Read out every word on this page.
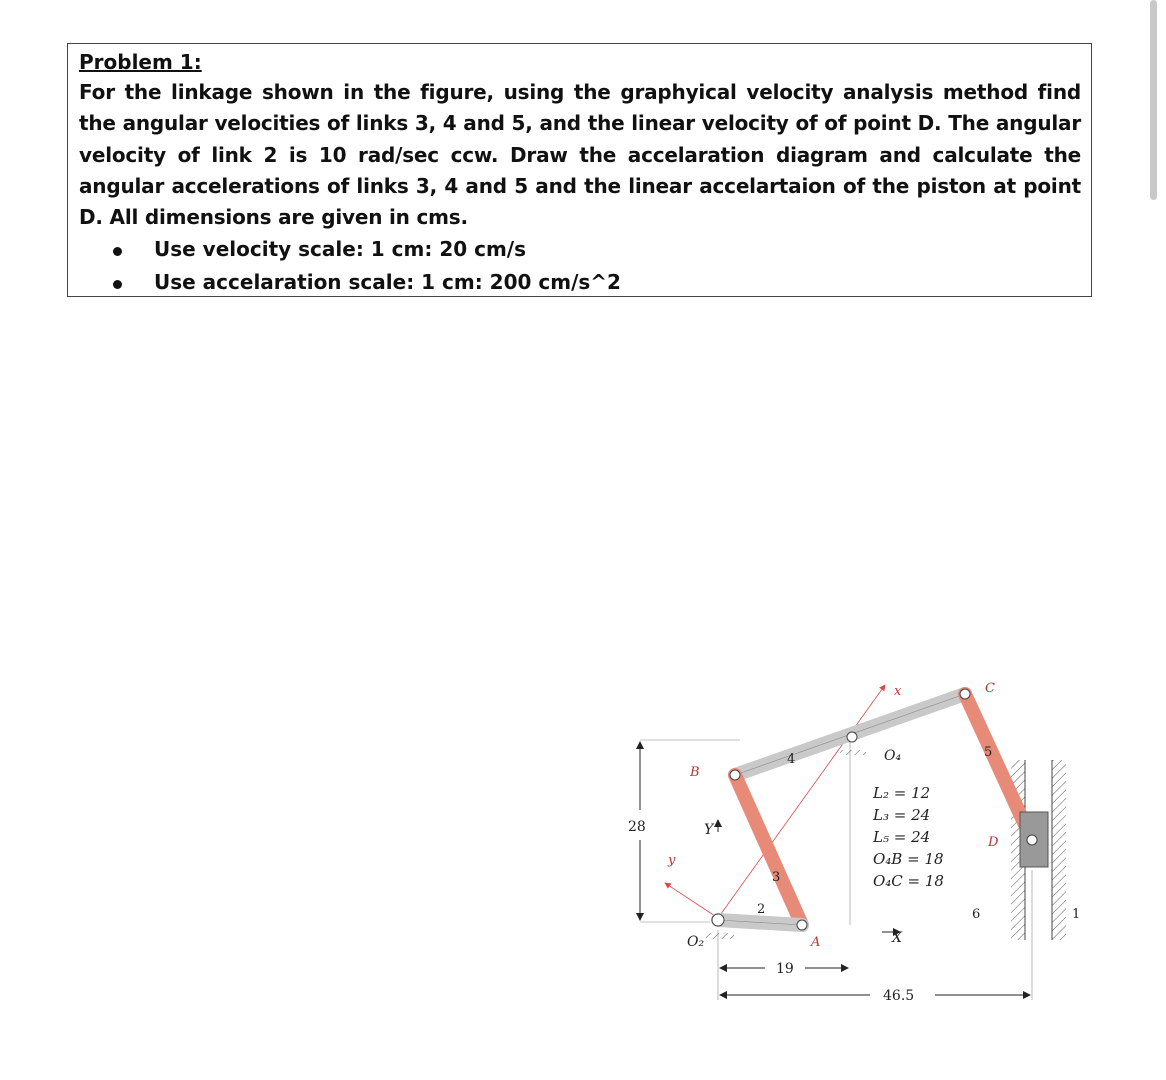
Problem 1:
For the linkage shown in the figure, using the graphyical velocity analysis method find the angular velocities of links 3, 4 and 5, and the linear velocity of of point D. The angular velocity of link 2 is 10 rad/sec ccw. Draw the accelaration diagram and calculate the angular accelerations of links 3, 4 and 5 and the linear accelartaion of the piston at point D. All dimensions are given in cms.
Use velocity scale: 1 cm: 20 cm/s
Use accelaration scale: 1 cm: 200 cm/s^2
B
A
C
D
O₂
O₄
2
3
4	5
6	1
x
y
X
Y
L₂ = 12
L₃ = 24
L₅ = 24
O₄B = 18
O₄C = 18
28
19
46.5
